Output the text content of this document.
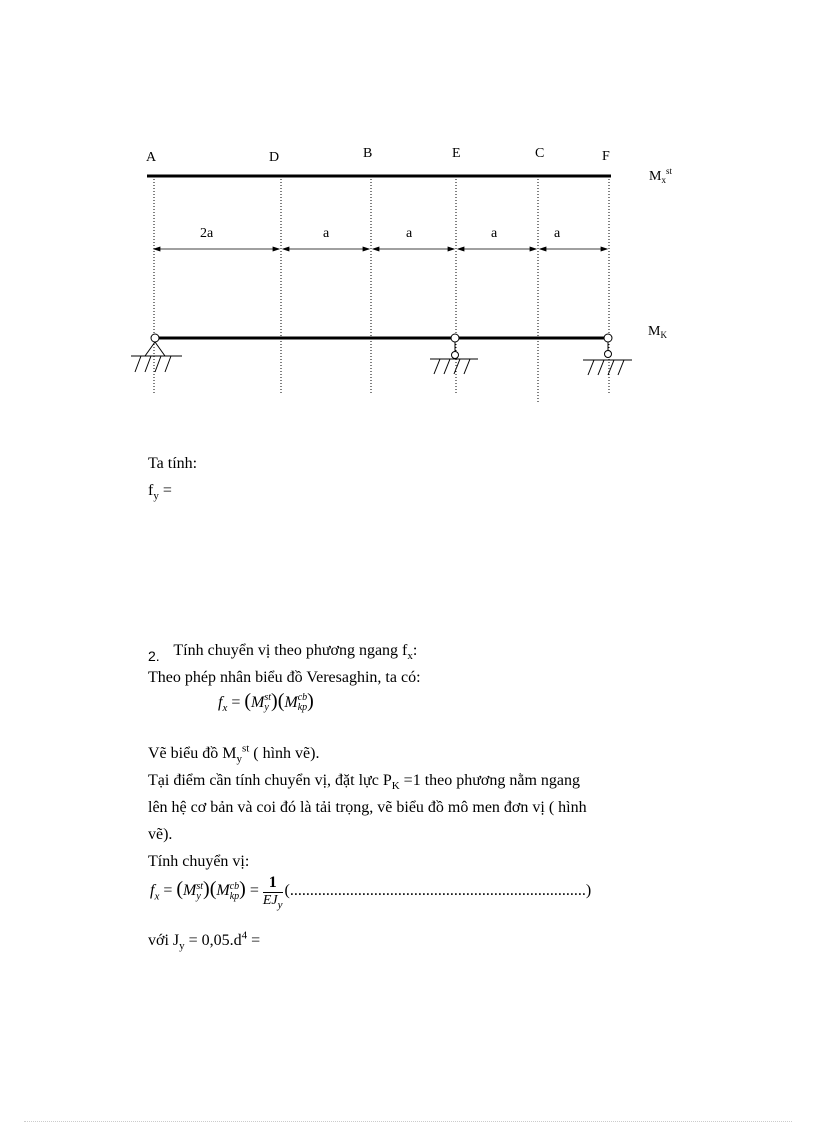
A	D	B	E	C	F
$M_xst$
2a	a	a	a	a
$M_K$
Ta tính:
$f_y$ =
2. Tính chuyển vị theo phương ngang $f_x$:
Theo phép nhân biểu đồ Veresaghin, ta có:
$f_x = (M$ st
y )(M cb
kp )
Vẽ biểu đồ $M_yst$ ( hình vẽ).
Tại điểm cần tính chuyển vị, đặt lực $P_K =1$ theo phương nằm ngang
lên hệ cơ bản và coi đó là tải trọng, vẽ biểu đồ mô men đơn vị ( hình
vẽ).
Tính chuyển vị:
$f_x = (M$ st
y )(M cb
kp ) = $\frac{1}{EJ_y}$ (..........................................................................)
với $J_y = 0,05.d^4$ =
